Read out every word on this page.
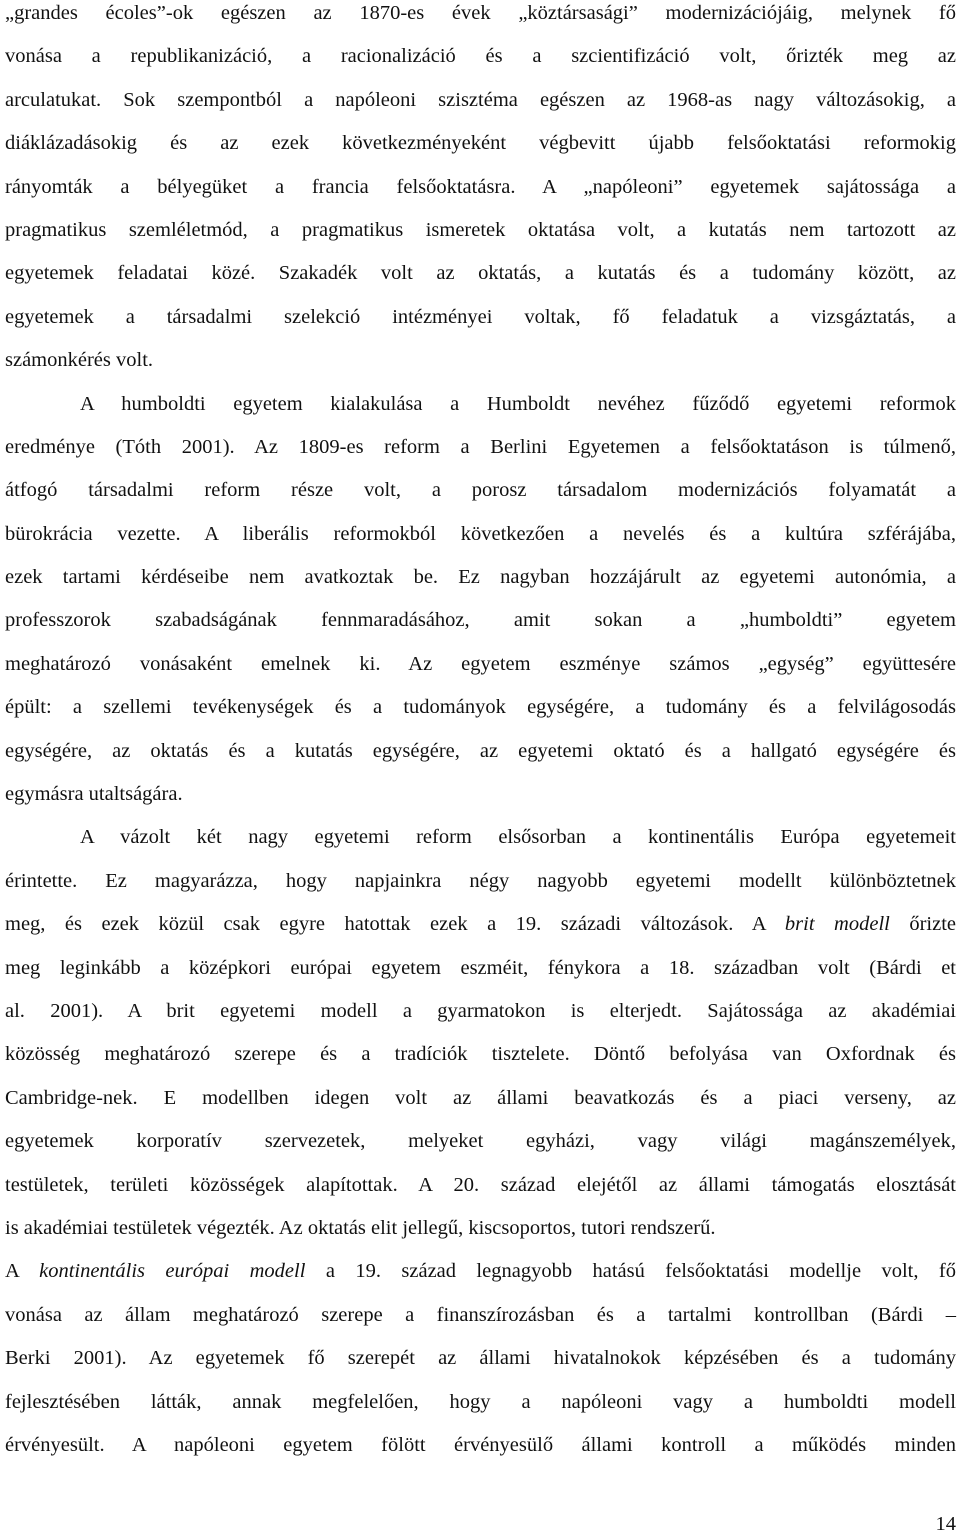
„grandes écoles”-ok egészen az 1870-es évek „köztársasági” modernizációjáig, melynek fő
vonása a republikanizáció, a racionalizáció és a szcientifizáció volt, őrizték meg az
arculatukat. Sok szempontból a napóleoni szisztéma egészen az 1968-as nagy változásokig, a
diáklázadásokig és az ezek következményeként végbevitt újabb felsőoktatási reformokig
rányomták a bélyegüket a francia felsőoktatásra. A „napóleoni” egyetemek sajátossága a
pragmatikus szemléletmód, a pragmatikus ismeretek oktatása volt, a kutatás nem tartozott az
egyetemek feladatai közé. Szakadék volt az oktatás, a kutatás és a tudomány között, az
egyetemek a társadalmi szelekció intézményei voltak, fő feladatuk a vizsgáztatás, a
számonkérés volt.
A humboldti egyetem kialakulása a Humboldt nevéhez fűződő egyetemi reformok
eredménye (Tóth 2001). Az 1809-es reform a Berlini Egyetemen a felsőoktatáson is túlmenő,
átfogó társadalmi reform része volt, a porosz társadalom modernizációs folyamatát a
bürokrácia vezette. A liberális reformokból következően a nevelés és a kultúra szférájába,
ezek tartami kérdéseibe nem avatkoztak be. Ez nagyban hozzájárult az egyetemi autonómia, a
professzorok szabadságának fennmaradásához, amit sokan a „humboldti” egyetem
meghatározó vonásaként emelnek ki. Az egyetem eszménye számos „egység” együttesére
épült: a szellemi tevékenységek és a tudományok egységére, a tudomány és a felvilágosodás
egységére, az oktatás és a kutatás egységére, az egyetemi oktató és a hallgató egységére és
egymásra utaltságára.
A vázolt két nagy egyetemi reform elsősorban a kontinentális Európa egyetemeit
érintette. Ez magyarázza, hogy napjainkra négy nagyobb egyetemi modellt különböztetnek
meg, és ezek közül csak egyre hatottak ezek a 19. századi változások. A brit modell őrizte
meg leginkább a középkori európai egyetem eszméit, fénykora a 18. században volt (Bárdi et
al. 2001). A brit egyetemi modell a gyarmatokon is elterjedt. Sajátossága az akadémiai
közösség meghatározó szerepe és a tradíciók tisztelete. Döntő befolyása van Oxfordnak és
Cambridge-nek. E modellben idegen volt az állami beavatkozás és a piaci verseny, az
egyetemek korporatív szervezetek, melyeket egyházi, vagy világi magánszemélyek,
testületek, területi közösségek alapítottak. A 20. század elejétől az állami támogatás elosztását
is akadémiai testületek végezték. Az oktatás elit jellegű, kiscsoportos, tutori rendszerű.
A kontinentális európai modell a 19. század legnagyobb hatású felsőoktatási modellje volt, fő
vonása az állam meghatározó szerepe a finanszírozásban és a tartalmi kontrollban (Bárdi –
Berki 2001). Az egyetemek fő szerepét az állami hivatalnokok képzésében és a tudomány
fejlesztésében látták, annak megfelelően, hogy a napóleoni vagy a humboldti modell
érvényesült. A napóleoni egyetem fölött érvényesülő állami kontroll a működés minden
14
